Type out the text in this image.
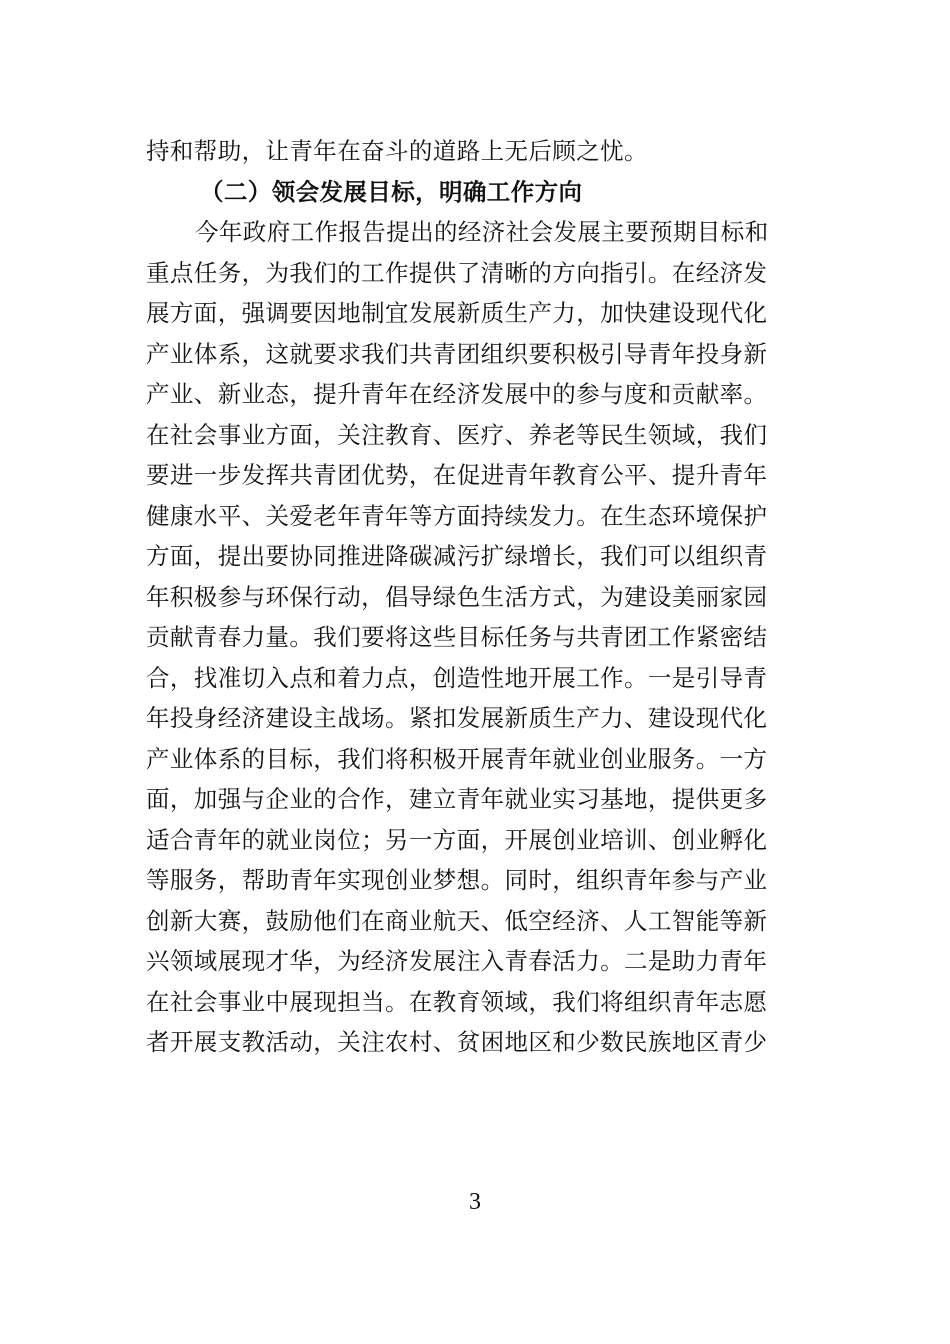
持和帮助，让青年在奋斗的道路上无后顾之忧。
（二）领会发展目标，明确工作方向
今年政府工作报告提出的经济社会发展主要预期目标和
重点任务，为我们的工作提供了清晰的方向指引。在经济发
展方面，强调要因地制宜发展新质生产力，加快建设现代化
产业体系，这就要求我们共青团组织要积极引导青年投身新
产业、新业态，提升青年在经济发展中的参与度和贡献率。
在社会事业方面，关注教育、医疗、养老等民生领域，我们
要进一步发挥共青团优势，在促进青年教育公平、提升青年
健康水平、关爱老年青年等方面持续发力。在生态环境保护
方面，提出要协同推进降碳减污扩绿增长，我们可以组织青
年积极参与环保行动，倡导绿色生活方式，为建设美丽家园
贡献青春力量。我们要将这些目标任务与共青团工作紧密结
合，找准切入点和着力点，创造性地开展工作。一是引导青
年投身经济建设主战场。紧扣发展新质生产力、建设现代化
产业体系的目标，我们将积极开展青年就业创业服务。一方
面，加强与企业的合作，建立青年就业实习基地，提供更多
适合青年的就业岗位；另一方面，开展创业培训、创业孵化
等服务，帮助青年实现创业梦想。同时，组织青年参与产业
创新大赛，鼓励他们在商业航天、低空经济、人工智能等新
兴领域展现才华，为经济发展注入青春活力。二是助力青年
在社会事业中展现担当。在教育领域，我们将组织青年志愿
者开展支教活动，关注农村、贫困地区和少数民族地区青少
3
